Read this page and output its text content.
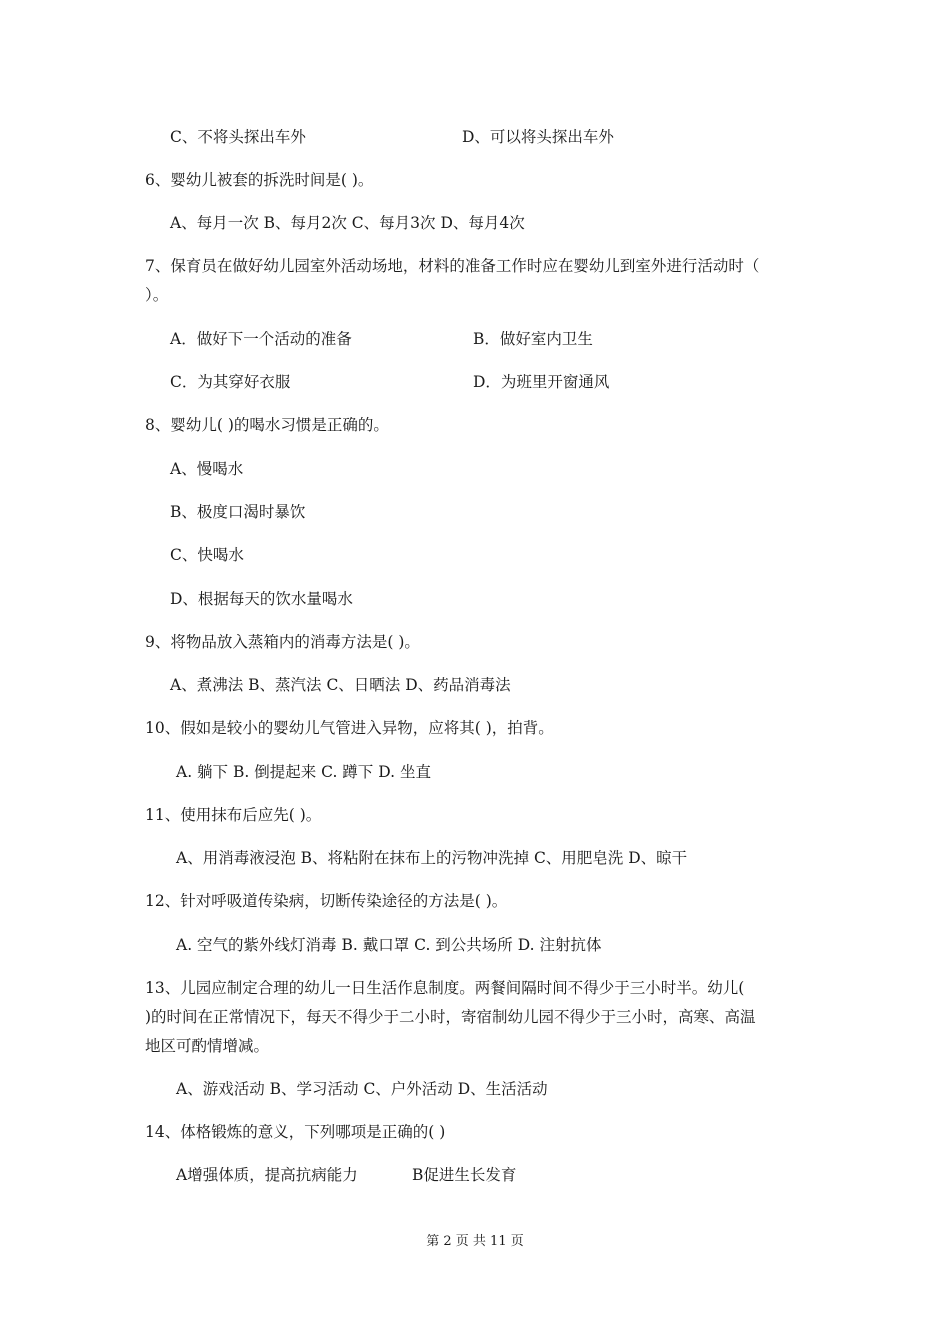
C、不将头探出车外	D、可以将头探出车外
6、婴幼儿被套的拆洗时间是( )。
A、每月一次 B、每月2次 C、每月3次 D、每月4次
7、保育员在做好幼儿园室外活动场地，材料的准备工作时应在婴幼儿到室外进行活动时（
）。
A．做好下一个活动的准备	B．做好室内卫生
C．为其穿好衣服	D．为班里开窗通风
8、婴幼儿( )的喝水习惯是正确的。
A、慢喝水
B、极度口渴时暴饮
C、快喝水
D、根据每天的饮水量喝水
9、将物品放入蒸箱内的消毒方法是( )。
A、煮沸法 B、蒸汽法 C、日晒法 D、药品消毒法
10、假如是较小的婴幼儿气管进入异物，应将其( )，拍背。
A. 躺下 B. 倒提起来 C. 蹲下 D. 坐直
11、使用抹布后应先( )。
A、用消毒液浸泡 B、将粘附在抹布上的污物冲洗掉 C、用肥皂洗 D、晾干
12、针对呼吸道传染病，切断传染途径的方法是( )。
A. 空气的紫外线灯消毒 B. 戴口罩 C. 到公共场所 D. 注射抗体
13、儿园应制定合理的幼儿一日生活作息制度。两餐间隔时间不得少于三小时半。幼儿(
)的时间在正常情况下，每天不得少于二小时，寄宿制幼儿园不得少于三小时，高寒、高温
地区可酌情增减。
A、游戏活动 B、学习活动 C、户外活动 D、生活活动
14、体格锻炼的意义，下列哪项是正确的( )
A增强体质，提高抗病能力	B促进生长发育
第 2 页 共 11 页
